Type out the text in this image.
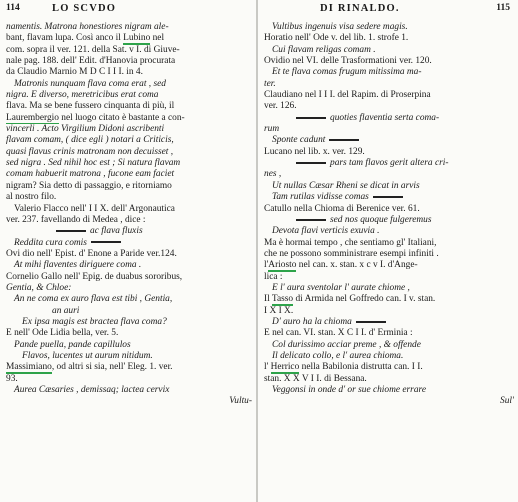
114	LO SCVDO
namentis. Matrona honestiores nigram ale-
bant, flavam lupa. Così anco il Lubino nel
com. sopra il ver. 121. della Sat. v I. di Giuve-
nale pag. 188. dell' Edit. d'Hanovia procurata
da Claudio Marnio M D C I I I. in 4.
Matronis nunquam flava coma erat , sed
nigra. E diverso, meretricibus erat coma
flava. Ma se bene fussero cinquanta di più, il
Laurembergio nel luogo citato è bastante a con-
vincerli . Acto Virgilium Didoni ascribenti
flavam comam, ( dice egli ) notari a Criticis,
quasi flavus crinis matronam non decuisset ,
sed nigra . Sed nihil hoc est ; Si natura flavam
comam habuerit matrona , fucone eam faciet
nigram? Sia detto di passaggio, e ritorniamo
al nostro filo.
Valerio Flacco nell' I I X. dell' Argonautica
ver. 237. favellando di Medea , dice :
ac flava fluxis
Reddita cura comis
Ovi dio nell' Epist. d' Enone a Paride ver.124.
At mihi flaventes diriguere coma .
Cornelio Gallo nell' Epig. de duabus sororibus,
Gentia, & Chloe:
An ne coma ex auro flava est tibi , Gentia,
an auri
Ex ipsa magis est bractea flava coma?
E nell' Ode Lidia bella, ver. 5.
Pande puella, pande capillulos
Flavos, lucentes ut aurum nitidum.
Massimiano, od altri si sia, nell' Eleg. 1. ver.
93.
Aurea Cæsaries , demissaq; lactea cervix
Vultu-
DI RINALDO.	115
Vultibus ingenuis visa sedere magis.
Horatio nell' Ode v. del lib. 1. strofe 1.
Cui flavam religas comam .
Ovidio nel VI. delle Trasformationi ver. 120.
Et te flava comas frugum mitissima ma-
ter.
Claudiano nel I I I. del Rapim. di Proserpina
ver. 126.
quoties flaventia serta coma-
rum
Sponte cadunt
Lucano nel lib. x. ver. 129.
pars tam flavos gerit altera cri-
nes ,
Ut nullas Cæsar Rheni se dicat in arvis
Tam rutilas vidisse comas
Catullo nella Chioma di Berenice ver. 61.
sed nos quoque fulgeremus
Devota flavi verticis exuvia .
Ma è hormai tempo , che sentiamo gl' Italiani,
che ne possono somministrare esempi infiniti .
l'Ariosto nel can. x. stan. x c v I. d'Ange-
lica :
E l' aura sventolar l' aurate chiome ,
Il Tasso di Armida nel Goffredo can. I v. stan.
I X I X.
D' auro ha la chioma
E nel can. VI. stan. X C I I. d' Erminia :
Col durissimo acciar preme , & offende
Il delicato collo, e l' aurea chioma.
l' Herrico nella Babilonia distrutta can. I I.
stan. X X V I I. di Bessana.
Veggonsi in onde d' or sue chiome errare
Sul'
